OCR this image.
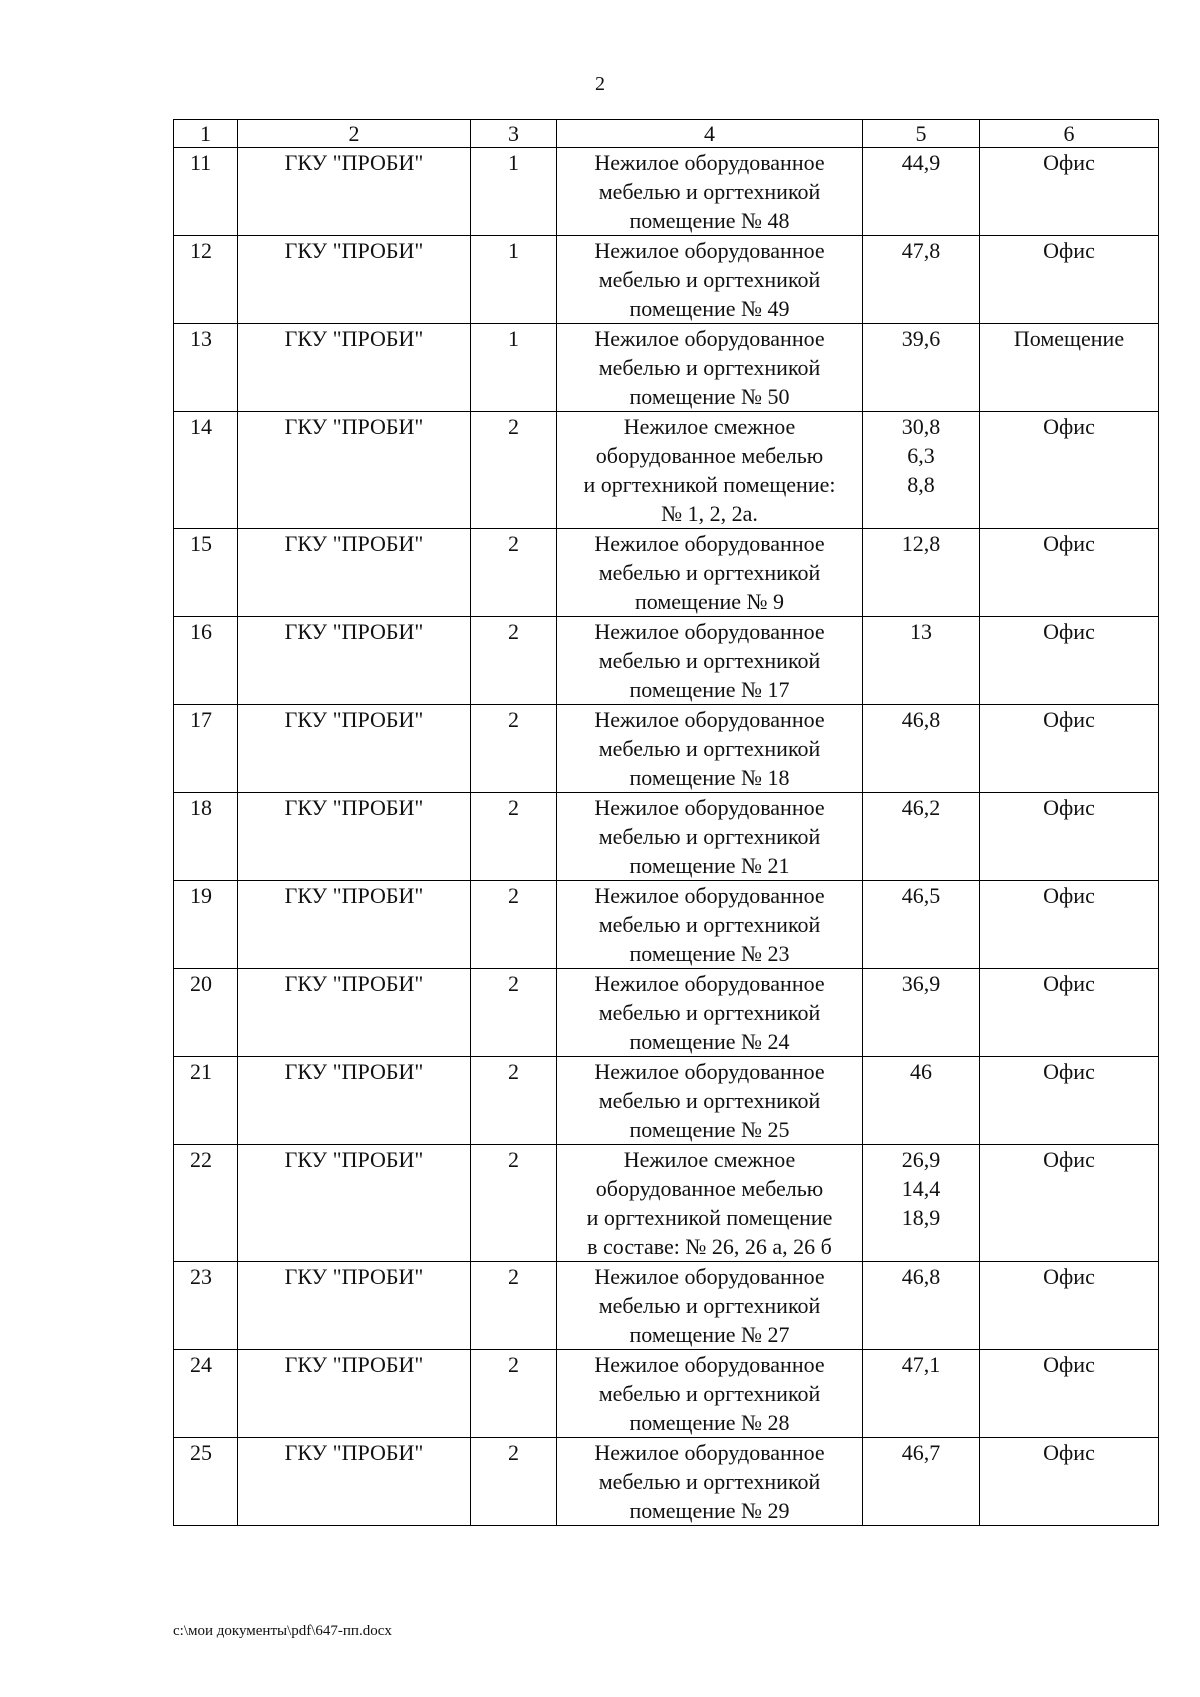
2
1	2	3	4	5	6
11	ГКУ "ПРОБИ"	1	Нежилое оборудованное
мебелью и оргтехникой
помещение № 48	44,9	Офис
12	ГКУ "ПРОБИ"	1	Нежилое оборудованное
мебелью и оргтехникой
помещение № 49	47,8	Офис
13	ГКУ "ПРОБИ"	1	Нежилое оборудованное
мебелью и оргтехникой
помещение № 50	39,6	Помещение
14	ГКУ "ПРОБИ"	2	Нежилое смежное
оборудованное мебелью
и оргтехникой помещение:
№ 1, 2, 2а.	30,8
6,3
8,8	Офис
15	ГКУ "ПРОБИ"	2	Нежилое оборудованное
мебелью и оргтехникой
помещение № 9	12,8	Офис
16	ГКУ "ПРОБИ"	2	Нежилое оборудованное
мебелью и оргтехникой
помещение № 17	13	Офис
17	ГКУ "ПРОБИ"	2	Нежилое оборудованное
мебелью и оргтехникой
помещение № 18	46,8	Офис
18	ГКУ "ПРОБИ"	2	Нежилое оборудованное
мебелью и оргтехникой
помещение № 21	46,2	Офис
19	ГКУ "ПРОБИ"	2	Нежилое оборудованное
мебелью и оргтехникой
помещение № 23	46,5	Офис
20	ГКУ "ПРОБИ"	2	Нежилое оборудованное
мебелью и оргтехникой
помещение № 24	36,9	Офис
21	ГКУ "ПРОБИ"	2	Нежилое оборудованное
мебелью и оргтехникой
помещение № 25	46	Офис
22	ГКУ "ПРОБИ"	2	Нежилое смежное
оборудованное мебелью
и оргтехникой помещение
в составе: № 26, 26 а, 26 б	26,9
14,4
18,9	Офис
23	ГКУ "ПРОБИ"	2	Нежилое оборудованное
мебелью и оргтехникой
помещение № 27	46,8	Офис
24	ГКУ "ПРОБИ"	2	Нежилое оборудованное
мебелью и оргтехникой
помещение № 28	47,1	Офис
25	ГКУ "ПРОБИ"	2	Нежилое оборудованное
мебелью и оргтехникой
помещение № 29	46,7	Офис
c:\мои документы\pdf\647-пп.docx
